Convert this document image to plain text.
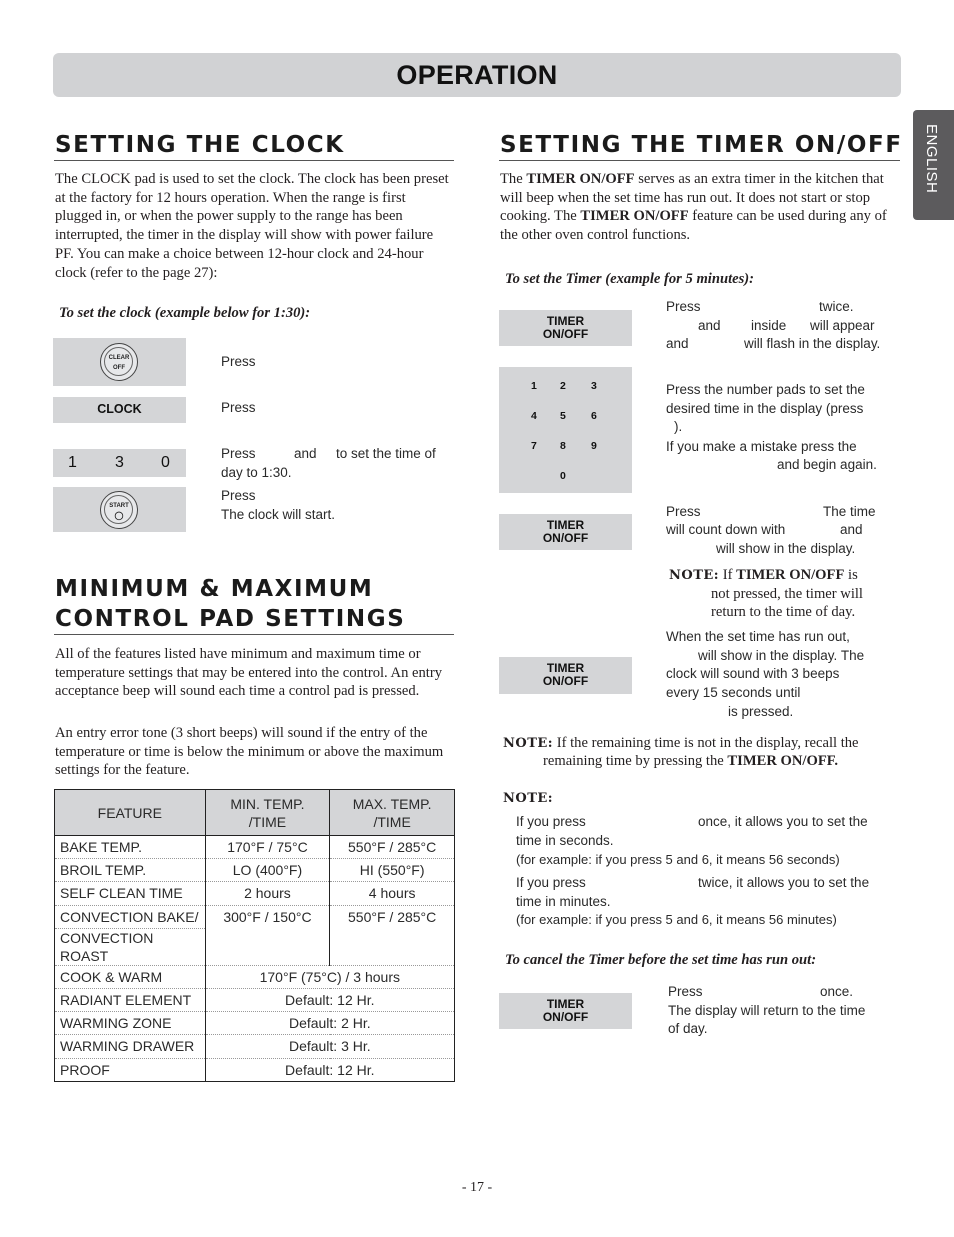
OPERATION
ENGLISH
SETTING THE CLOCK
The CLOCK pad is used to set the clock. The clock has been preset at the factory for 12 hours operation. When the range is first plugged in, or when the power supply to the range has been interrupted, the timer in the display will show with power failure PF. You can make a choice between 12-hour clock and 24-hour clock (refer to the page 27):
To set the clock (example below for 1:30):
CLEAR
OFF	Press
CLOCK	Press
1 3 0
Press	and to set the time of
day to 1:30.
START
◯
Press
The clock will start.
MINIMUM & MAXIMUM
CONTROL PAD SETTINGS
All of the features listed have minimum and maximum time or temperature settings that may be entered into the control. An entry acceptance beep will sound each time a control pad is pressed.
An entry error tone (3 short beeps) will sound if the entry of the temperature or time is below the minimum or above the maximum settings for the feature.
FEATURE	MIN. TEMP. /TIME	MAX. TEMP. /TIME
BAKE TEMP.	170°F / 75°C	550°F / 285°C
BROIL TEMP.	LO (400°F)	HI (550°F)
SELF CLEAN TIME	2 hours	4 hours
CONVECTION BAKE/	300°F / 150°C	550°F / 285°C
CONVECTION ROAST		
COOK & WARM	170°F (75°C) / 3 hours	
RADIANT ELEMENT	Default: 12 Hr.	
WARMING ZONE	Default: 2 Hr.	
WARMING DRAWER	Default: 3 Hr.	
PROOF	Default: 12 Hr.	
SETTING THE TIMER ON/OFF
The TIMER ON/OFF serves as an extra timer in the kitchen that will beep when the set time has run out. It does not start or stop cooking. The TIMER ON/OFF feature can be used during any of the other oven control functions.
To set the Timer (example for 5 minutes):
TIMER
ON/OFF
Press	twice.
and inside will appear
and	will flash in the display.
1 2 3
4 5 6
7 8 9
0
Press the number pads to set the
desired time in the display (press
).
If you make a mistake press the
and begin again.
TIMER
ON/OFF
Press	The time
will count down with	and
will show in the display.
NOTE: If TIMER ON/OFF is
not pressed, the timer will
return to the time of day.
TIMER
ON/OFF
When the set time has run out,
will show in the display. The
clock will sound with 3 beeps
every 15 seconds until
is pressed.
NOTE: If the remaining time is not in the display, recall the
remaining time by pressing the TIMER ON/OFF.
NOTE:
If you press	once, it allows you to set the
time in seconds.
(for example: if you press 5 and 6, it means 56 seconds)
If you press	twice, it allows you to set the
time in minutes.
(for example: if you press 5 and 6, it means 56 minutes)
To cancel the Timer before the set time has run out:
TIMER
ON/OFF
Press	once.
The display will return to the time
of day.
- 17 -
